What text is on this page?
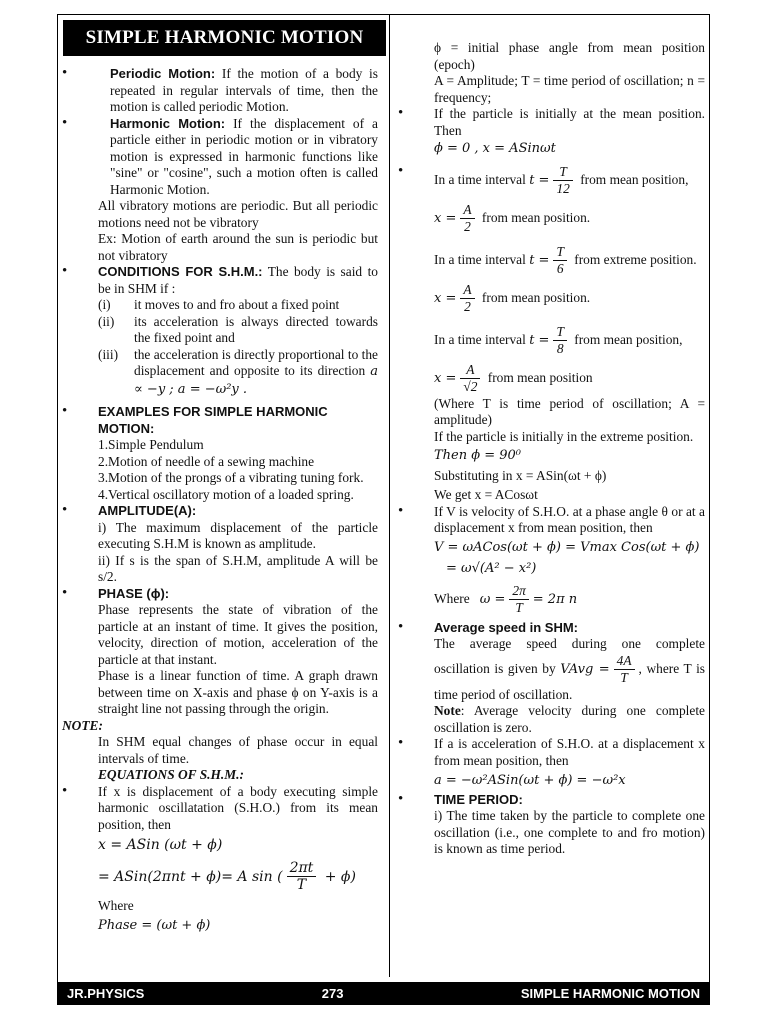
SIMPLE HARMONIC MOTION
• Periodic Motion: If the motion of a body is repeated in regular intervals of time, then the motion is called periodic Motion.
• Harmonic Motion: If the displacement of a particle either in periodic motion or in vibratory motion is expressed in harmonic functions like "sine" or "cosine", such a motion often is called Harmonic Motion.
All vibratory motions are periodic. But all periodic motions need not be vibratory
Ex: Motion of earth around the sun is periodic but not vibratory
• CONDITIONS FOR S.H.M.: The body is said to be in SHM if :
(i) it moves to and fro about a fixed point
(ii) its acceleration is always directed towards the fixed point and
(iii) the acceleration is directly proportional to the displacement and opposite to its direction a ∝ −y ; a = −ω²y .
• EXAMPLES FOR SIMPLE HARMONIC MOTION:
1.Simple Pendulum
2.Motion of needle of a sewing machine
3.Motion of the prongs of a vibrating tuning fork.
4.Vertical oscillatory motion of a loaded spring.
• AMPLITUDE(A):
i) The maximum displacement of the particle executing S.H.M is known as amplitude.
ii) If s is the span of S.H.M, amplitude A will be s/2.
• PHASE (ϕ):
Phase represents the state of vibration of the particle at an instant of time. It gives the position, velocity, direction of motion, acceleration of the particle at that instant.
Phase is a linear function of time. A graph drawn between time on X-axis and phase ϕ on Y-axis is a straight line not passing through the origin.
NOTE:
In SHM equal changes of phase occur in equal intervals of time.
EQUATIONS OF S.H.M.:
• If x is displacement of a body executing simple harmonic oscillatation (S.H.O.) from its mean position, then
x = ASin (ωt + ϕ)
= ASin(2πnt + ϕ)= A sin ( $\frac{2\pi t}{T} + \phi$)
Where
Phase = (ωt + ϕ)
ϕ = initial phase angle from mean position (epoch)
A = Amplitude; T = time period of oscillation; n = frequency;
• If the particle is initially at the mean position. Then
ϕ = 0 , x = ASinωt
• In a time interval $t = \frac{T}{12}$ from mean position,
$x = \frac{A}{2}$ from mean position.
In a time interval $t = \frac{T}{6}$ from extreme position.
$x = \frac{A}{2}$ from mean position.
In a time interval $t = \frac{T}{8}$ from mean position,
$x = \frac{A}{√2}$ from mean position
(Where T is time period of oscillation; A = amplitude)
If the particle is initially in the extreme position.
Then ϕ = 90⁰
Substituting in x = ASin(ωt + ϕ)
We get x = ACosωt
• If V is velocity of S.H.O. at a phase angle θ or at a displacement x from mean position, then
V = ωACos(ωt + ϕ) = Vmax Cos(ωt + ϕ)
= ω√(A² − x²)
Where $\omega = \frac{2\pi}{T} = 2\pi$ n
• Average speed in SHM:
The average speed during one complete oscillation is given by VAvg = $\frac{4A}{T}$ , where T is time period of oscillation.
Note: Average velocity during one complete oscillation is zero.
• If a is acceleration of S.H.O. at a displacement x from mean position, then
a = −ω²ASin(ωt + ϕ) = −ω²x
• TIME PERIOD:
i) The time taken by the particle to complete one oscillation (i.e., one complete to and fro motion) is known as time period.
JR.PHYSICS	273	SIMPLE HARMONIC MOTION
